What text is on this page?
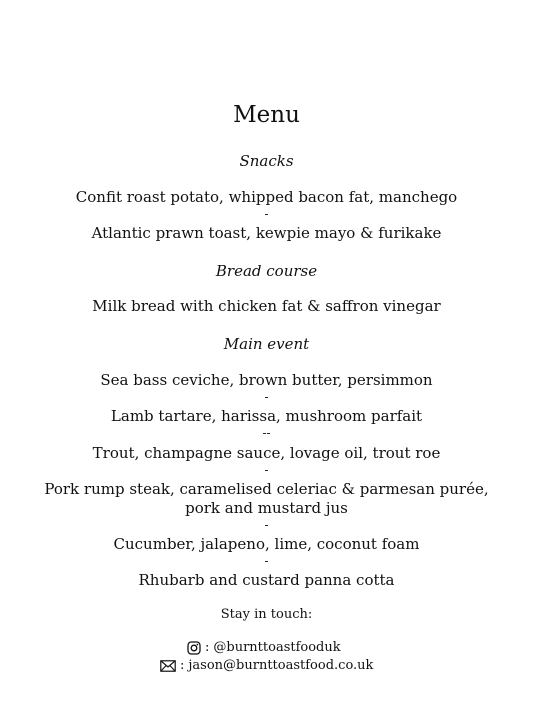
Menu
Snacks
Confit roast potato, whipped bacon fat, manchego
-
Atlantic prawn toast, kewpie mayo & furikake
Bread course
Milk bread with chicken fat & saffron vinegar
Main event
Sea bass ceviche, brown butter, persimmon
-
Lamb tartare, harissa, mushroom parfait
--
Trout, champagne sauce, lovage oil, trout roe
-
Pork rump steak, caramelised celeriac & parmesan purée, pork and mustard jus
-
Cucumber, jalapeno, lime, coconut foam
-
Rhubarb and custard panna cotta
Stay in touch:
: @burnttoastfooduk
: jason@burnttoastfood.co.uk
